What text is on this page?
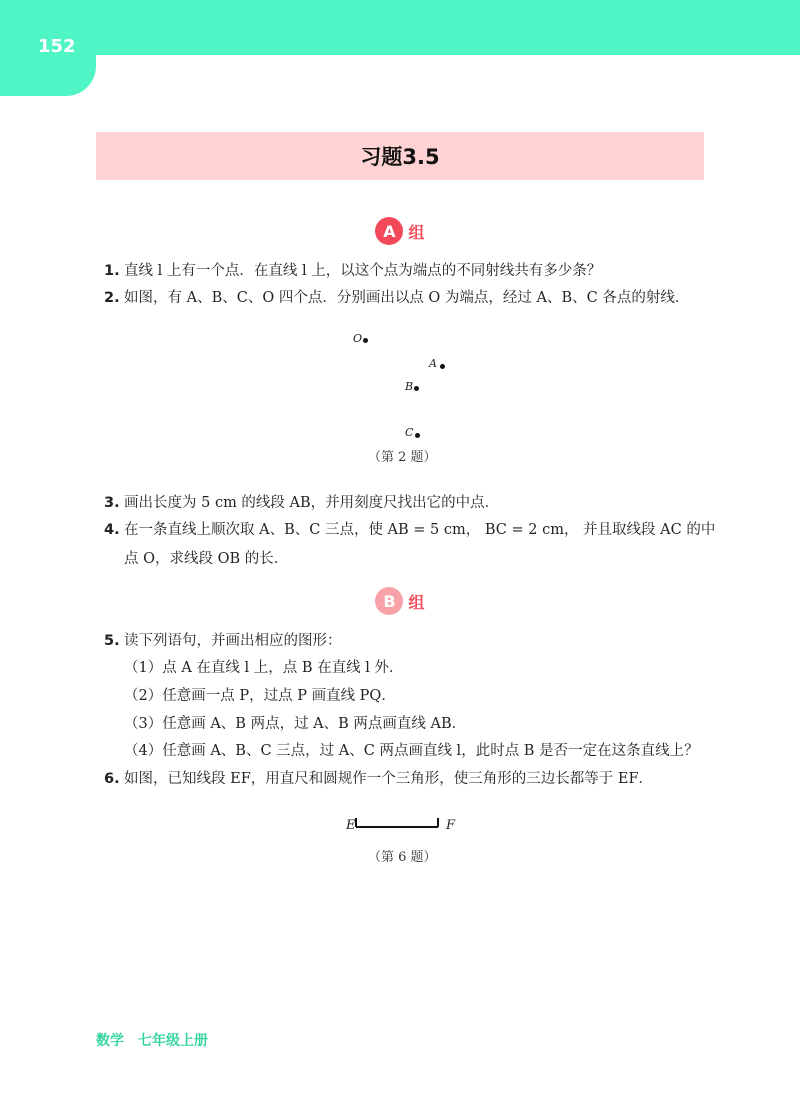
152
习题3.5
A 组
1. 直线 l 上有一个点．在直线 l 上，以这个点为端点的不同射线共有多少条？
2. 如图，有 A、B、C、O 四个点．分别画出以点 O 为端点，经过 A、B、C 各点的射线．
O
A
B
C
（第 2 题）
3. 画出长度为 5 cm 的线段 AB，并用刻度尺找出它的中点．
4. 在一条直线上顺次取 A、B、C 三点，使 AB = 5 cm， BC = 2 cm， 并且取线段 AC 的中
点 O，求线段 OB 的长．
B 组
5. 读下列语句，并画出相应的图形：
（1）点 A 在直线 l 上，点 B 在直线 l 外．
（2）任意画一点 P，过点 P 画直线 PQ．
（3）任意画 A、B 两点，过 A、B 两点画直线 AB．
（4）任意画 A、B、C 三点，过 A、C 两点画直线 l，此时点 B 是否一定在这条直线上？
6. 如图，已知线段 EF，用直尺和圆规作一个三角形，使三角形的三边长都等于 EF．
E	F
（第 6 题）
数学　七年级上册
